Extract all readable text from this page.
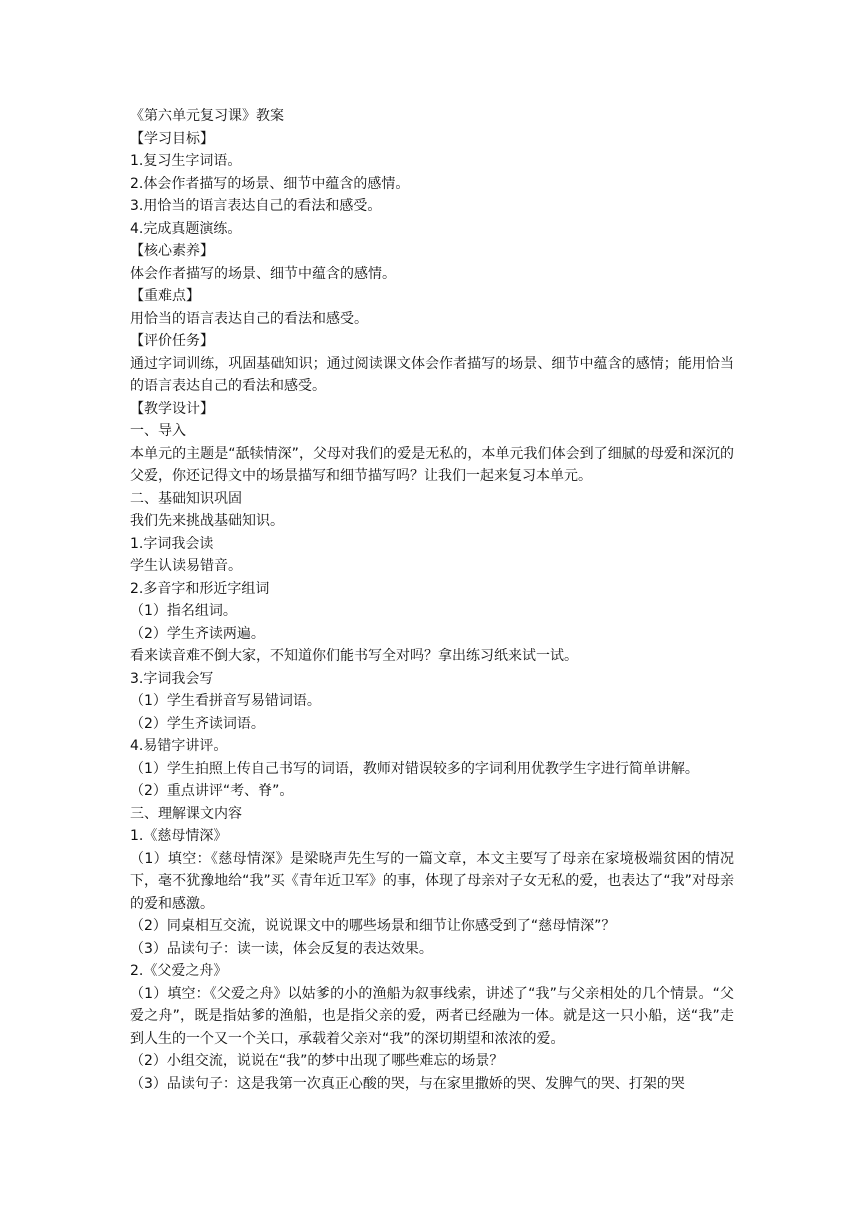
《第六单元复习课》教案
【学习目标】
1.复习生字词语。
2.体会作者描写的场景、细节中蕴含的感情。
3.用恰当的语言表达自己的看法和感受。
4.完成真题演练。
【核心素养】
体会作者描写的场景、细节中蕴含的感情。
【重难点】
用恰当的语言表达自己的看法和感受。
【评价任务】
通过字词训练，巩固基础知识；通过阅读课文体会作者描写的场景、细节中蕴含的感情；能用恰当的语言表达自己的看法和感受。
【教学设计】
一、导入
本单元的主题是“舐犊情深”，父母对我们的爱是无私的，本单元我们体会到了细腻的母爱和深沉的父爱，你还记得文中的场景描写和细节描写吗？让我们一起来复习本单元。
二、基础知识巩固
我们先来挑战基础知识。
1.字词我会读
学生认读易错音。
2.多音字和形近字组词
（1）指名组词。
（2）学生齐读两遍。
看来读音难不倒大家，不知道你们能书写全对吗？拿出练习纸来试一试。
3.字词我会写
（1）学生看拼音写易错词语。
（2）学生齐读词语。
4.易错字讲评。
（1）学生拍照上传自己书写的词语，教师对错误较多的字词利用优教学生字进行简单讲解。
（2）重点讲评“考、脊”。
三、理解课文内容
1.《慈母情深》
（1）填空：《慈母情深》是梁晓声先生写的一篇文章，本文主要写了母亲在家境极端贫困的情况下，毫不犹豫地给“我”买《青年近卫军》的事，体现了母亲对子女无私的爱，也表达了“我”对母亲的爱和感激。
（2）同桌相互交流，说说课文中的哪些场景和细节让你感受到了“慈母情深”？
（3）品读句子：读一读，体会反复的表达效果。
2.《父爱之舟》
（1）填空：《父爱之舟》以姑爹的小的渔船为叙事线索，讲述了“我”与父亲相处的几个情景。“父爱之舟”，既是指姑爹的渔船，也是指父亲的爱，两者已经融为一体。就是这一只小船，送“我”走到人生的一个又一个关口，承载着父亲对“我”的深切期望和浓浓的爱。
（2）小组交流，说说在“我”的梦中出现了哪些难忘的场景？
（3）品读句子：这是我第一次真正心酸的哭，与在家里撒娇的哭、发脾气的哭、打架的哭
